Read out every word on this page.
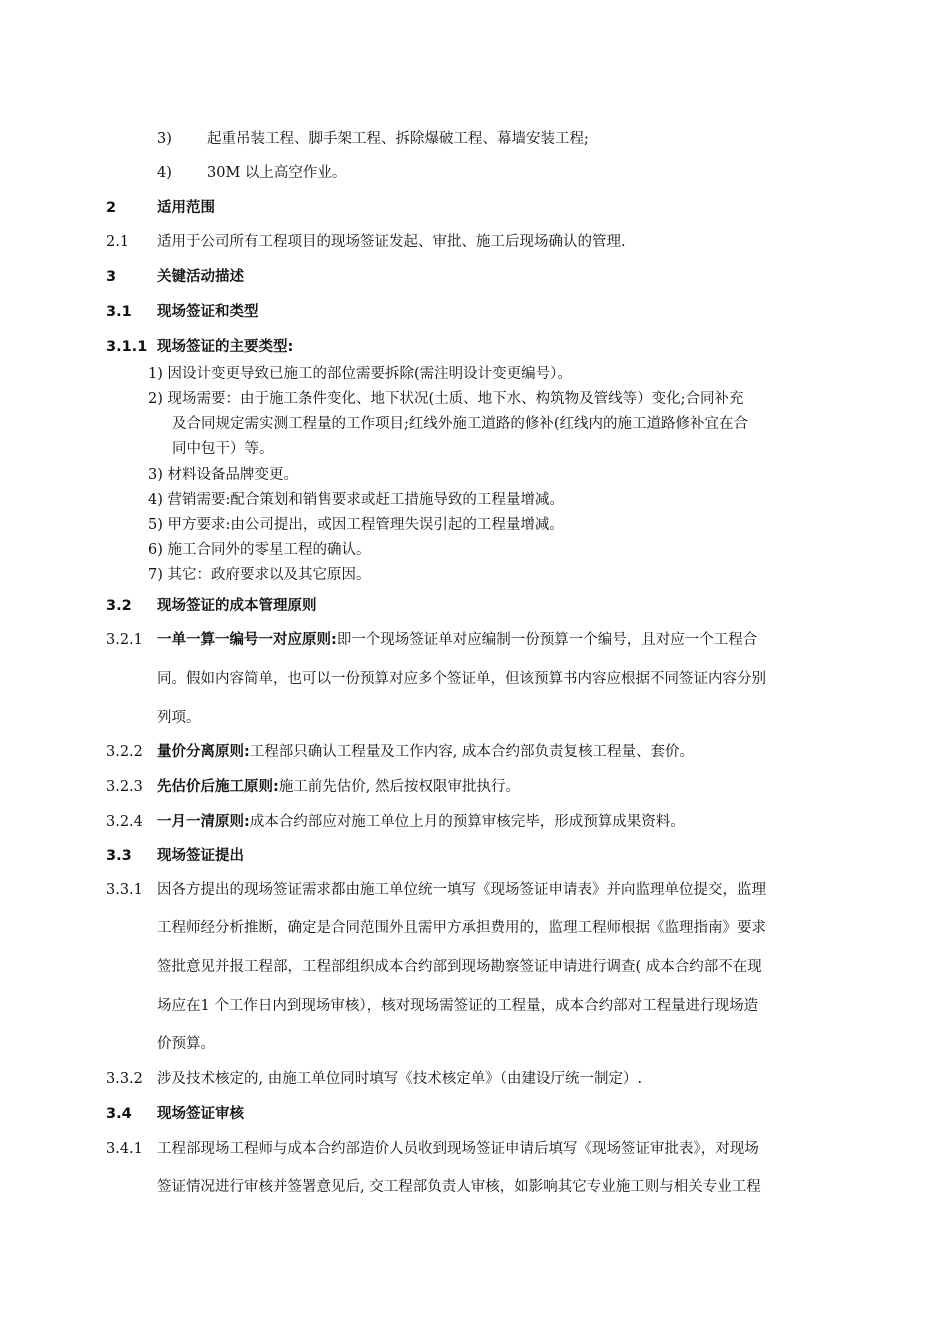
3) 起重吊装工程、脚手架工程、拆除爆破工程、幕墙安装工程;
4) 30M 以上高空作业。
2	适用范围
2.1 适用于公司所有工程项目的现场签证发起、审批、施工后现场确认的管理.
3	关键活动描述
3.1 现场签证和类型
3.1.1 现场签证的主要类型:
1) 因设计变更导致已施工的部位需要拆除(需注明设计变更编号）。
2) 现场需要：由于施工条件变化、地下状况(土质、地下水、构筑物及管线等）变化;合同补充
及合同规定需实测工程量的工作项目;红线外施工道路的修补(红线内的施工道路修补宜在合
同中包干）等。
3) 材料设备品牌变更。
4) 营销需要:配合策划和销售要求或赶工措施导致的工程量增减。
5) 甲方要求:由公司提出，或因工程管理失误引起的工程量增减。
6) 施工合同外的零星工程的确认。
7) 其它：政府要求以及其它原因。
3.2 现场签证的成本管理原则
3.2.1 一单一算一编号一对应原则:即一个现场签证单对应编制一份预算一个编号，且对应一个工程合
同。假如内容简单，也可以一份预算对应多个签证单，但该预算书内容应根据不同签证内容分别
列项。
3.2.2 量价分离原则:工程部只确认工程量及工作内容, 成本合约部负责复核工程量、套价。
3.2.3 先估价后施工原则:施工前先估价, 然后按权限审批执行。
3.2.4 一月一清原则:成本合约部应对施工单位上月的预算审核完毕，形成预算成果资料。
3.3 现场签证提出
3.3.1 因各方提出的现场签证需求都由施工单位统一填写《现场签证申请表》并向监理单位提交，监理
工程师经分析推断，确定是合同范围外且需甲方承担费用的，监理工程师根据《监理指南》要求
签批意见并报工程部，工程部组织成本合约部到现场勘察签证申请进行调查( 成本合约部不在现
场应在1 个工作日内到现场审核），核对现场需签证的工程量，成本合约部对工程量进行现场造
价预算。
3.3.2 涉及技术核定的, 由施工单位同时填写《技术核定单》（由建设厅统一制定）.
3.4 现场签证审核
3.4.1 工程部现场工程师与成本合约部造价人员收到现场签证申请后填写《现场签证审批表》，对现场
签证情况进行审核并签署意见后, 交工程部负责人审核，如影响其它专业施工则与相关专业工程
